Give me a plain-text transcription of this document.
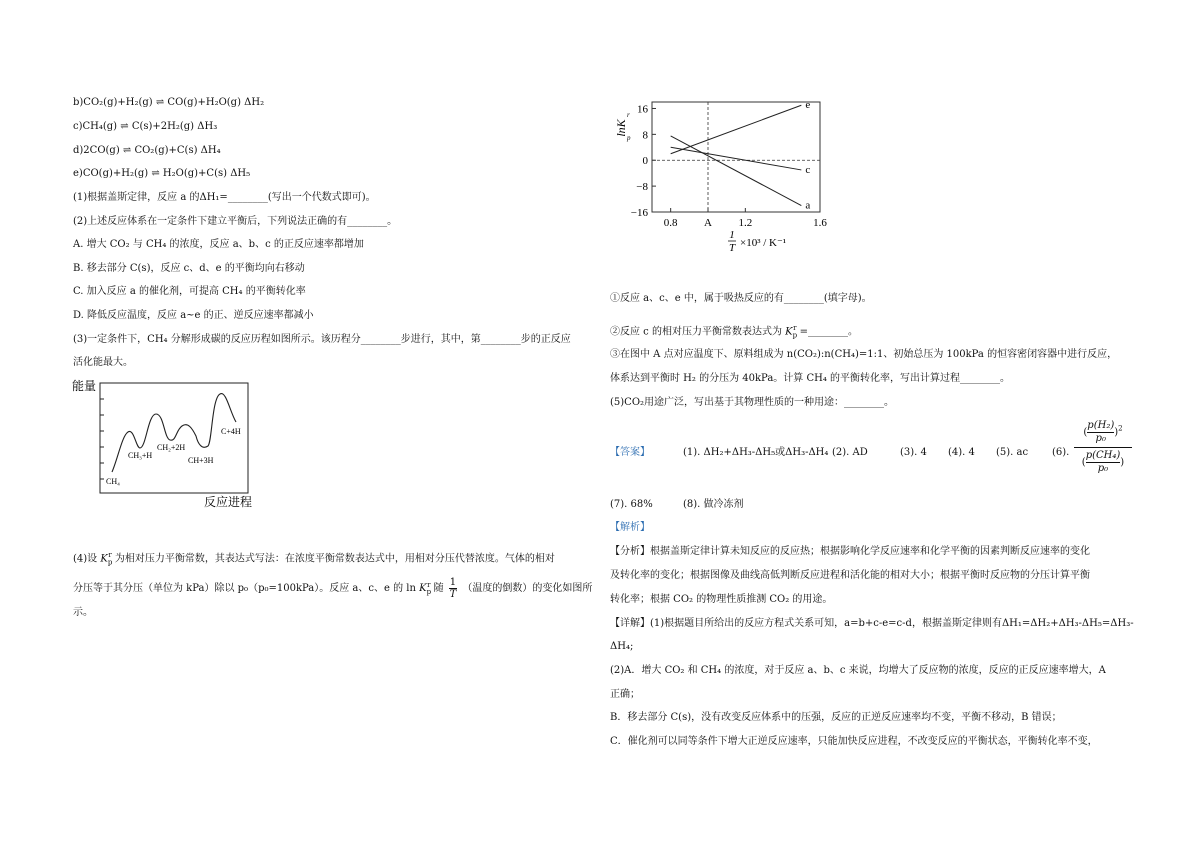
b)CO₂(g)+H₂(g) ⇌ CO(g)+H₂O(g) ΔH₂
c)CH₄(g) ⇌ C(s)+2H₂(g) ΔH₃
d)2CO(g) ⇌ CO₂(g)+C(s) ΔH₄
e)CO(g)+H₂(g) ⇌ H₂O(g)+C(s) ΔH₅
(1)根据盖斯定律，反应 a 的ΔH₁=________(写出一个代数式即可)。
(2)上述反应体系在一定条件下建立平衡后，下列说法正确的有________。
A. 增大 CO₂ 与 CH₄ 的浓度，反应 a、b、c 的正反应速率都增加
B. 移去部分 C(s)，反应 c、d、e 的平衡均向右移动
C. 加入反应 a 的催化剂，可提高 CH₄ 的平衡转化率
D. 降低反应温度，反应 a~e 的正、逆反应速率都减小
(3)一定条件下，CH₄ 分解形成碳的反应历程如图所示。该历程分________步进行，其中，第________步的正反应
活化能最大。
能量
CH₄
CH₃+H
CH₂+2H
CH+3H
C+4H
反应进程
(4)设 $K_p^r$ 为相对压力平衡常数，其表达式写法：在浓度平衡常数表达式中，用相对分压代替浓度。气体的相对
分压等于其分压（单位为 kPa）除以 p₀（p₀=100kPa）。反应 a、c、e 的 $\ln K_p^r$ 随 $\frac{1}{T}$ （温度的倒数）的变化如图所
示。
lnK
r
p
16
8
0
−8
−16
0.8 A 1.2	1.6
e
c
a
1
T ×10³ / K⁻¹
①反应 a、c、e 中，属于吸热反应的有________(填字母)。
②反应 c 的相对压力平衡常数表达式为 $K_p^r$ =________。
③在图中 A 点对应温度下、原料组成为 n(CO₂):n(CH₄)=1:1、初始总压为 100kPa 的恒容密闭容器中进行反应，
体系达到平衡时 H₂ 的分压为 40kPa。计算 CH₄ 的平衡转化率，写出计算过程________。
(5)CO₂用途广泛，写出基于其物理性质的一种用途：________。
【答案】	(1). ΔH₂+ΔH₃-ΔH₅或ΔH₃-ΔH₄ (2). AD	(3). 4 (4). 4 (5). ac (6).
( $\frac{\text{p(H₂)}}{\text{p₀}} )^2$
( $\frac{\text{p(CH₄)}}{\text{p₀}}$ )
(7). 68%	(8). 做冷冻剂
【解析】
【分析】根据盖斯定律计算未知反应的反应热；根据影响化学反应速率和化学平衡的因素判断反应速率的变化
及转化率的变化；根据图像及曲线高低判断反应进程和活化能的相对大小；根据平衡时反应物的分压计算平衡
转化率；根据 CO₂ 的物理性质推测 CO₂ 的用途。
【详解】(1)根据题目所给出的反应方程式关系可知，a=b+c-e=c-d，根据盖斯定律则有ΔH₁=ΔH₂+ΔH₃-ΔH₅=ΔH₃-
ΔH₄;
(2)A．增大 CO₂ 和 CH₄ 的浓度，对于反应 a、b、c 来说，均增大了反应物的浓度，反应的正反应速率增大，A
正确；
B．移去部分 C(s)，没有改变反应体系中的压强，反应的正逆反应速率均不变，平衡不移动，B 错误；
C．催化剂可以同等条件下增大正逆反应速率，只能加快反应进程，不改变反应的平衡状态，平衡转化率不变，
